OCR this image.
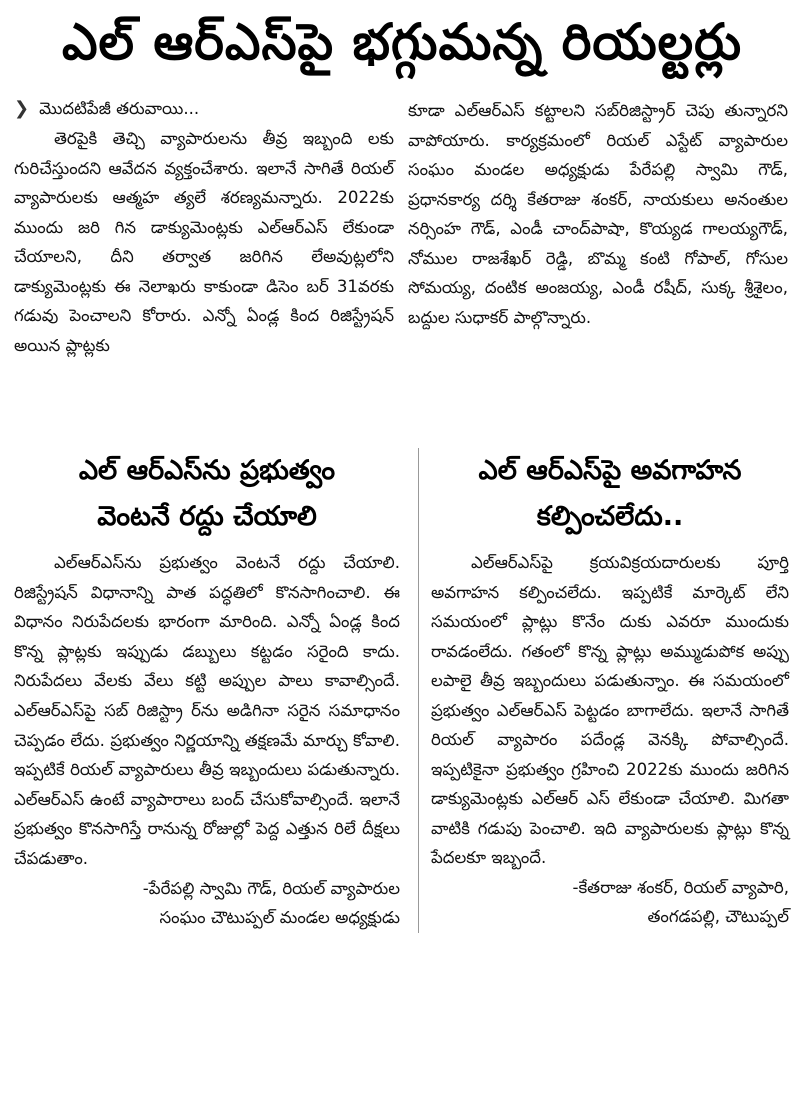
ఎల్ ఆర్ఎస్‌పై భగ్గుమన్న రియల్టర్లు
❯ మొదటిపేజీ తరువాయి...

తెరపైకి తెచ్చి వ్యాపారులను తీవ్ర ఇబ్బంది లకు గురిచేస్తుందని ఆవేదన వ్యక్తంచేశారు. ఇలానే సాగితే రియల్ వ్యాపారులకు ఆత్మహ త్యలే శరణ్యమన్నారు. 2022కు ముందు జరి గిన డాక్యుమెంట్లకు ఎల్ఆర్ఎస్ లేకుండా చేయాలని, దీని తర్వాత జరిగిన లేఅవుట్లలోని డాక్యుమెంట్లకు ఈ నెలాఖరు కాకుండా డిసెం బర్ 31వరకు గడువు పెంచాలని కోరారు. ఎన్నో ఏండ్ల కింద రిజిస్ట్రేషన్ అయిన ప్లాట్లకు

కూడా ఎల్ఆర్ఎస్ కట్టాలని సబ్‌రిజిస్ట్రార్ చెపు తున్నారని వాపోయారు. కార్యక్రమంలో రియల్ ఎస్టేట్ వ్యాపారుల సంఘం మండల అధ్యక్షుడు పేరేపల్లి స్వామి గౌడ్, ప్రధానకార్య దర్శి కేతరాజు శంకర్, నాయకులు అనంతుల నర్సింహ గౌడ్, ఎండీ చాంద్‌పాషా, కొయ్యడ గాలయ్యగౌడ్, నోముల రాజశేఖర్ రెడ్డి, బొమ్మ కంటి గోపాల్, గోసుల సోమయ్య, దంటిక అంజయ్య, ఎండీ రషీద్, సుక్క శ్రీశైలం, బద్దుల సుధాకర్ పాల్గొన్నారు.

ఎల్ ఆర్ఎస్‌ను ప్రభుత్వం
వెంటనే రద్దు చేయాలి

ఎల్ఆర్ఎస్‌ను ప్రభుత్వం వెంటనే రద్దు చేయాలి. రిజిస్ట్రేషన్ విధానాన్ని పాత పద్ధతిలో కొనసాగించాలి. ఈ విధానం నిరుపేదలకు భారంగా మారింది. ఎన్నో ఏండ్ల కింద కొన్న ప్లాట్లకు ఇప్పుడు డబ్బులు కట్టడం సరైంది కాదు. నిరుపేదలు వేలకు వేలు కట్టి అప్పుల పాలు కావాల్సిందే. ఎల్ఆర్ఎస్‌పై సబ్ రిజిస్ట్రా ర్‌ను అడిగినా సరైన సమాధానం చెప్పడం లేదు. ప్రభుత్వం నిర్ణయాన్ని తక్షణమే మార్చు కోవాలి. ఇప్పటికే రియల్ వ్యాపారులు తీవ్ర ఇబ్బందులు పడుతున్నారు. ఎల్ఆర్ఎస్ ఉంటే వ్యాపారాలు బంద్ చేసుకోవాల్సిందే. ఇలానే ప్రభుత్వం కొనసాగిస్తే రానున్న రోజుల్లో పెద్ద ఎత్తున రిలే దీక్షలు చేపడుతాం.

-పేరేపల్లి స్వామి గౌడ్, రియల్ వ్యాపారుల

సంఘం చౌటుప్పల్ మండల అధ్యక్షుడు

ఎల్ ఆర్ఎస్‌పై అవగాహన
కల్పించలేదు..

ఎల్ఆర్ఎస్‌పై క్రయవిక్రయదారులకు పూర్తి అవగాహన కల్పించలేదు. ఇప్పటికే మార్కెట్ లేని సమయంలో ప్లాట్లు కొనేం దుకు ఎవరూ ముందుకు రావడంలేదు. గతంలో కొన్న ప్లాట్లు అమ్ముడుపోక అప్పు లపాలై తీవ్ర ఇబ్బందులు పడుతున్నాం. ఈ సమయంలో ప్రభుత్వం ఎల్ఆర్ఎస్ పెట్టడం బాగాలేదు. ఇలానే సాగితే రియల్ వ్యాపారం పదేండ్ల వెనక్కి పోవాల్సిందే. ఇప్పటికైనా ప్రభుత్వం గ్రహించి 2022కు ముందు జరిగిన డాక్యుమెంట్లకు ఎల్ఆర్ ఎస్ లేకుండా చేయాలి. మిగతా వాటికి గడుపు పెంచాలి. ఇది వ్యాపారులకు ప్లాట్లు కొన్న పేదలకూ ఇబ్బందే.

-కేతరాజు శంకర్, రియల్ వ్యాపారి,

తంగడపల్లి, చౌటుప్పల్
